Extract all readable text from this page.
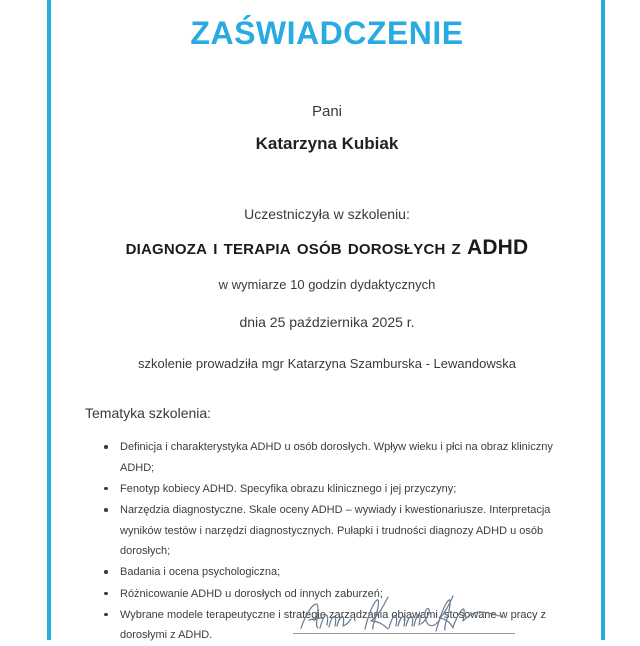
ZAŚWIADCZENIE
Pani
Katarzyna Kubiak
Uczestniczyła w szkoleniu:
diagnoza i terapia osób dorosłych z ADHD
w wymiarze 10 godzin dydaktycznych
dnia 25 października 2025 r.
szkolenie prowadziła mgr Katarzyna Szamburska - Lewandowska
Tematyka szkolenia:
Definicja i charakterystyka ADHD u osób dorosłych. Wpływ wieku i płci na obraz kliniczny ADHD;
Fenotyp kobiecy ADHD. Specyfika obrazu klinicznego i jej przyczyny;
Narzędzia diagnostyczne. Skale oceny ADHD – wywiady i kwestionariusze. Interpretacja wyników testów i narzędzi diagnostycznych. Pułapki i trudności diagnozy ADHD u osób dorosłych;
Badania i ocena psychologiczna;
Różnicowanie ADHD u dorosłych od innych zaburzeń;
Wybrane modele terapeutyczne i strategie zarządzania objawami, stosowane w pracy z dorosłymi z ADHD.
